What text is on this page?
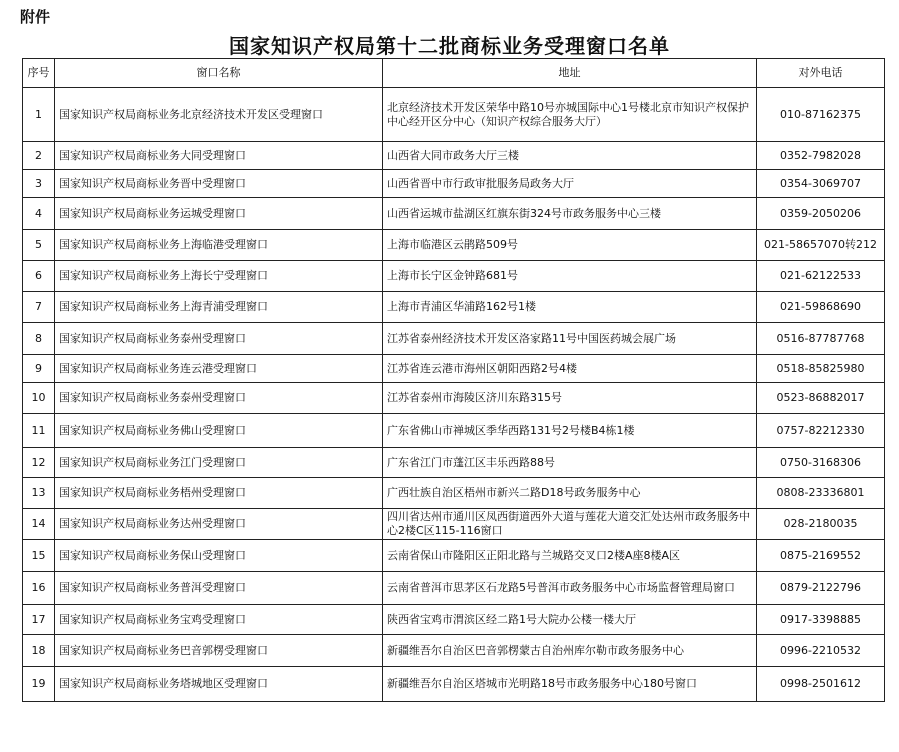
附件
国家知识产权局第十二批商标业务受理窗口名单
序号	窗口名称	地址	对外电话
1	国家知识产权局商标业务北京经济技术开发区受理窗口	北京经济技术开发区荣华中路10号亦城国际中心1号楼北京市知识产权保护中心经开区分中心（知识产权综合服务大厅）	010-87162375
2	国家知识产权局商标业务大同受理窗口	山西省大同市政务大厅三楼	0352-7982028
3	国家知识产权局商标业务晋中受理窗口	山西省晋中市行政审批服务局政务大厅	0354-3069707
4	国家知识产权局商标业务运城受理窗口	山西省运城市盐湖区红旗东街324号市政务服务中心三楼	0359-2050206
5	国家知识产权局商标业务上海临港受理窗口	上海市临港区云鹃路509号	021-58657070转212
6	国家知识产权局商标业务上海长宁受理窗口	上海市长宁区金钟路681号	021-62122533
7	国家知识产权局商标业务上海青浦受理窗口	上海市青浦区华浦路162号1楼	021-59868690
8	国家知识产权局商标业务泰州受理窗口	江苏省泰州经济技术开发区洛家路11号中国医药城会展广场	0516-87787768
9	国家知识产权局商标业务连云港受理窗口	江苏省连云港市海州区朝阳西路2号4楼	0518-85825980
10	国家知识产权局商标业务泰州受理窗口	江苏省泰州市海陵区济川东路315号	0523-86882017
11	国家知识产权局商标业务佛山受理窗口	广东省佛山市禅城区季华西路131号2号楼B4栋1楼	0757-82212330
12	国家知识产权局商标业务江门受理窗口	广东省江门市蓬江区丰乐西路88号	0750-3168306
13	国家知识产权局商标业务梧州受理窗口	广西壮族自治区梧州市新兴二路D18号政务服务中心	0808-23336801
14	国家知识产权局商标业务达州受理窗口	四川省达州市通川区凤西街道西外大道与莲花大道交汇处达州市政务服务中心2楼C区115-116窗口	028-2180035
15	国家知识产权局商标业务保山受理窗口	云南省保山市隆阳区正阳北路与兰城路交叉口2楼A座8楼A区	0875-2169552
16	国家知识产权局商标业务普洱受理窗口	云南省普洱市思茅区石龙路5号普洱市政务服务中心市场监督管理局窗口	0879-2122796
17	国家知识产权局商标业务宝鸡受理窗口	陕西省宝鸡市渭滨区经二路1号大院办公楼一楼大厅	0917-3398885
18	国家知识产权局商标业务巴音郭楞受理窗口	新疆维吾尔自治区巴音郭楞蒙古自治州库尔勒市政务服务中心	0996-2210532
19	国家知识产权局商标业务塔城地区受理窗口	新疆维吾尔自治区塔城市光明路18号市政务服务中心180号窗口	0998-2501612
